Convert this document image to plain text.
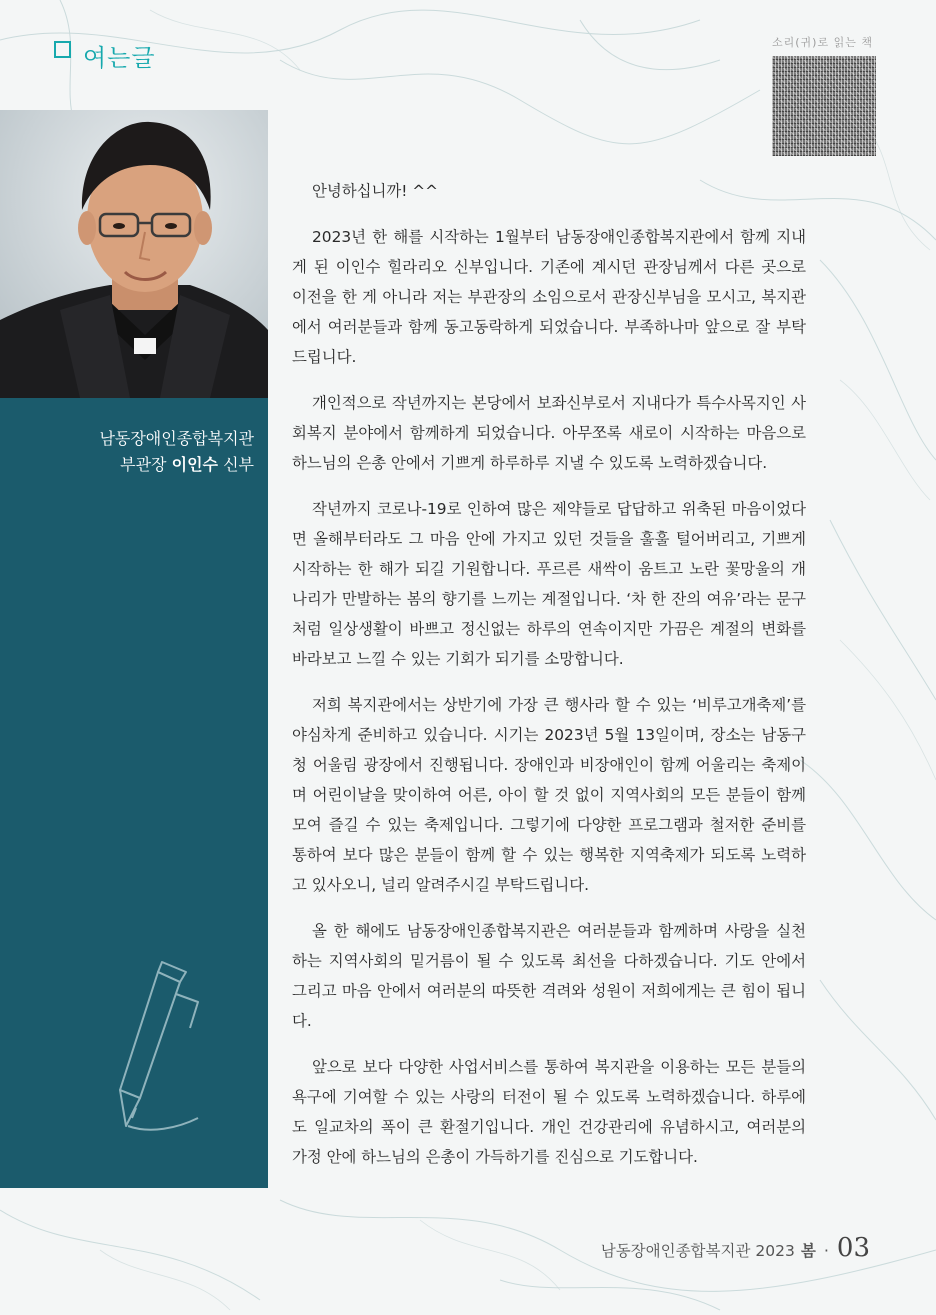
여는글
소리(귀)로 읽는 책
남동장애인종합복지관
부관장 이인수 신부

안녕하십니까! ^^

2023년 한 해를 시작하는 1월부터 남동장애인종합복지관에서 함께 지내게 된 이인수 힐라리오 신부입니다. 기존에 계시던 관장님께서 다른 곳으로 이전을 한 게 아니라 저는 부관장의 소임으로서 관장신부님을 모시고, 복지관에서 여러분들과 함께 동고동락하게 되었습니다. 부족하나마 앞으로 잘 부탁드립니다.

개인적으로 작년까지는 본당에서 보좌신부로서 지내다가 특수사목지인 사회복지 분야에서 함께하게 되었습니다. 아무쪼록 새로이 시작하는 마음으로 하느님의 은총 안에서 기쁘게 하루하루 지낼 수 있도록 노력하겠습니다.

작년까지 코로나-19로 인하여 많은 제약들로 답답하고 위축된 마음이었다면 올해부터라도 그 마음 안에 가지고 있던 것들을 훌훌 털어버리고, 기쁘게 시작하는 한 해가 되길 기원합니다. 푸르른 새싹이 움트고 노란 꽃망울의 개나리가 만발하는 봄의 향기를 느끼는 계절입니다. ‘차 한 잔의 여유’라는 문구처럼 일상생활이 바쁘고 정신없는 하루의 연속이지만 가끔은 계절의 변화를 바라보고 느낄 수 있는 기회가 되기를 소망합니다.

저희 복지관에서는 상반기에 가장 큰 행사라 할 수 있는 ‘비루고개축제’를 야심차게 준비하고 있습니다. 시기는 2023년 5월 13일이며, 장소는 남동구청 어울림 광장에서 진행됩니다. 장애인과 비장애인이 함께 어울리는 축제이며 어린이날을 맞이하여 어른, 아이 할 것 없이 지역사회의 모든 분들이 함께 모여 즐길 수 있는 축제입니다. 그렇기에 다양한 프로그램과 철저한 준비를 통하여 보다 많은 분들이 함께 할 수 있는 행복한 지역축제가 되도록 노력하고 있사오니, 널리 알려주시길 부탁드립니다.

올 한 해에도 남동장애인종합복지관은 여러분들과 함께하며 사랑을 실천하는 지역사회의 밑거름이 될 수 있도록 최선을 다하겠습니다. 기도 안에서 그리고 마음 안에서 여러분의 따뜻한 격려와 성원이 저희에게는 큰 힘이 됩니다.

앞으로 보다 다양한 사업서비스를 통하여 복지관을 이용하는 모든 분들의 욕구에 기여할 수 있는 사랑의 터전이 될 수 있도록 노력하겠습니다. 하루에도 일교차의 폭이 큰 환절기입니다. 개인 건강관리에 유념하시고, 여러분의 가정 안에 하느님의 은총이 가득하기를 진심으로 기도합니다.

남동장애인종합복지관 2023 봄 · 03
